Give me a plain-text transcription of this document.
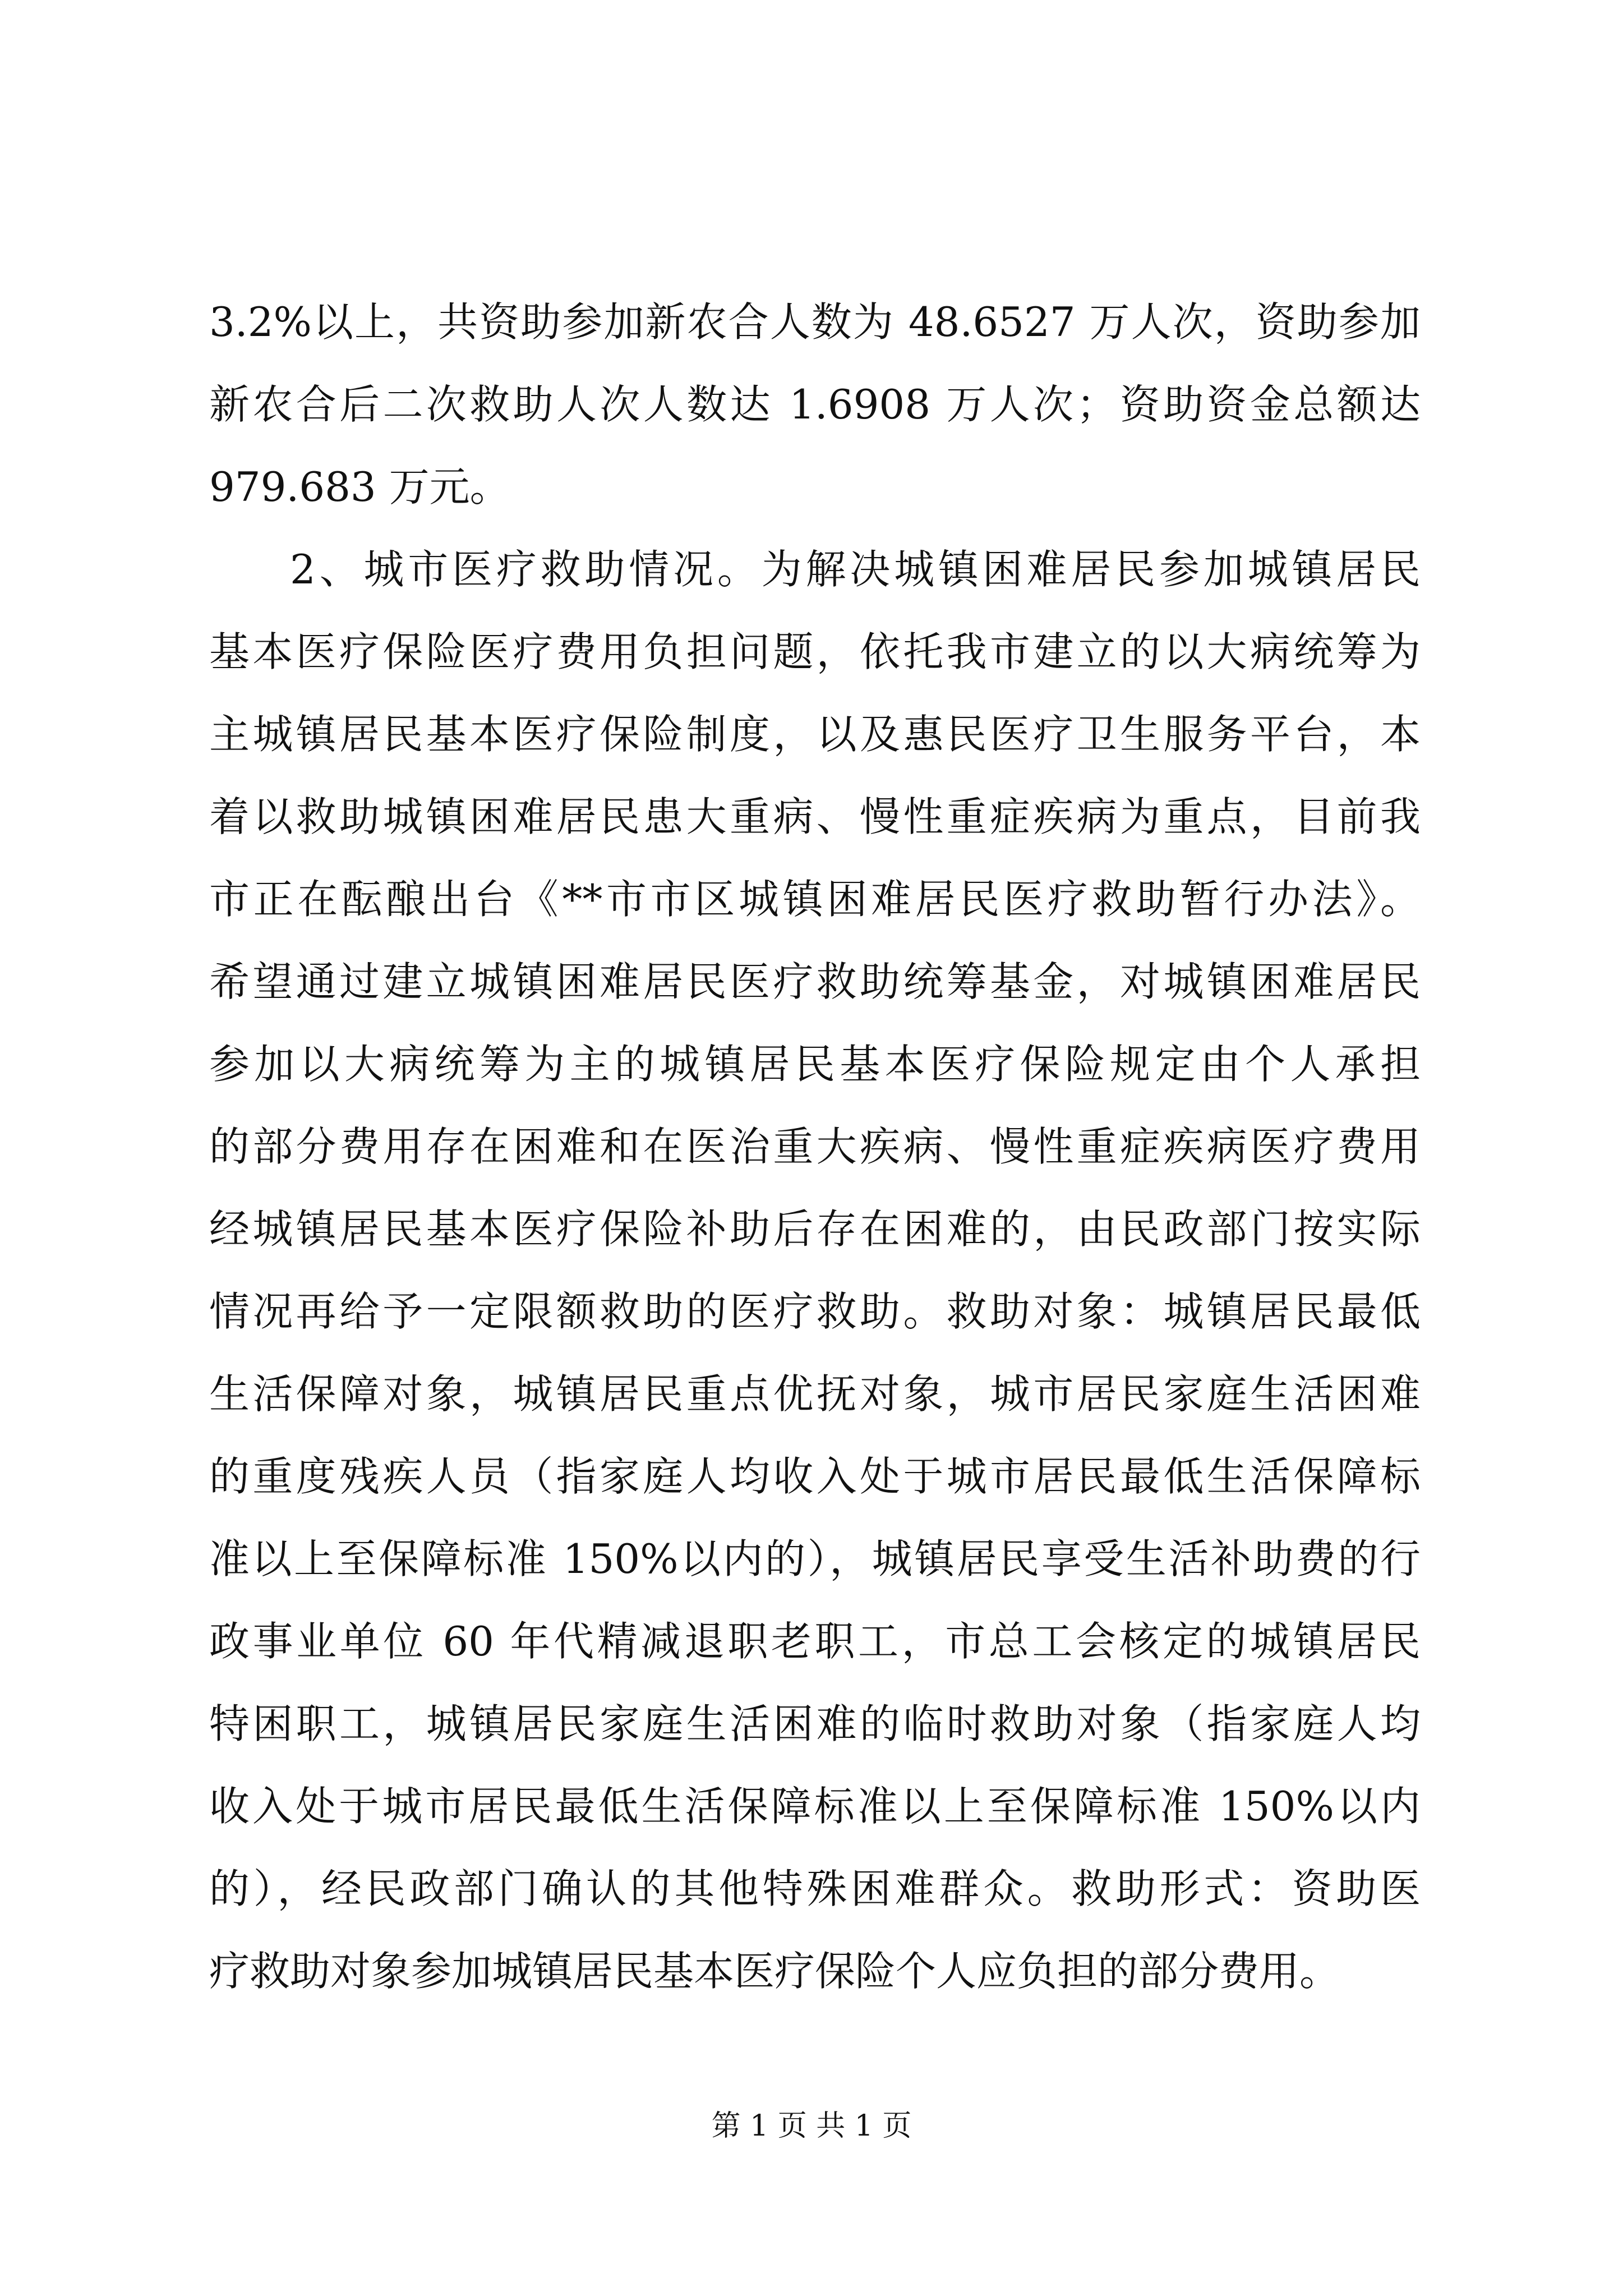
3.2%以上，共资助参加新农合人数为 48.6527 万人次，资助参加
新农合后二次救助人次人数达 1.6908 万人次；资助资金总额达
979.683 万元。
2、城市医疗救助情况。为解决城镇困难居民参加城镇居民
基本医疗保险医疗费用负担问题，依托我市建立的以大病统筹为
主城镇居民基本医疗保险制度，以及惠民医疗卫生服务平台，本
着以救助城镇困难居民患大重病、慢性重症疾病为重点，目前我
市正在酝酿出台《**市市区城镇困难居民医疗救助暂行办法》。
希望通过建立城镇困难居民医疗救助统筹基金，对城镇困难居民
参加以大病统筹为主的城镇居民基本医疗保险规定由个人承担
的部分费用存在困难和在医治重大疾病、慢性重症疾病医疗费用
经城镇居民基本医疗保险补助后存在困难的，由民政部门按实际
情况再给予一定限额救助的医疗救助。救助对象：城镇居民最低
生活保障对象，城镇居民重点优抚对象，城市居民家庭生活困难
的重度残疾人员（指家庭人均收入处于城市居民最低生活保障标
准以上至保障标准 150%以内的），城镇居民享受生活补助费的行
政事业单位 60 年代精减退职老职工，市总工会核定的城镇居民
特困职工，城镇居民家庭生活困难的临时救助对象（指家庭人均
收入处于城市居民最低生活保障标准以上至保障标准 150%以内
的），经民政部门确认的其他特殊困难群众。救助形式：资助医
疗救助对象参加城镇居民基本医疗保险个人应负担的部分费用。
第 1 页 共 1 页
